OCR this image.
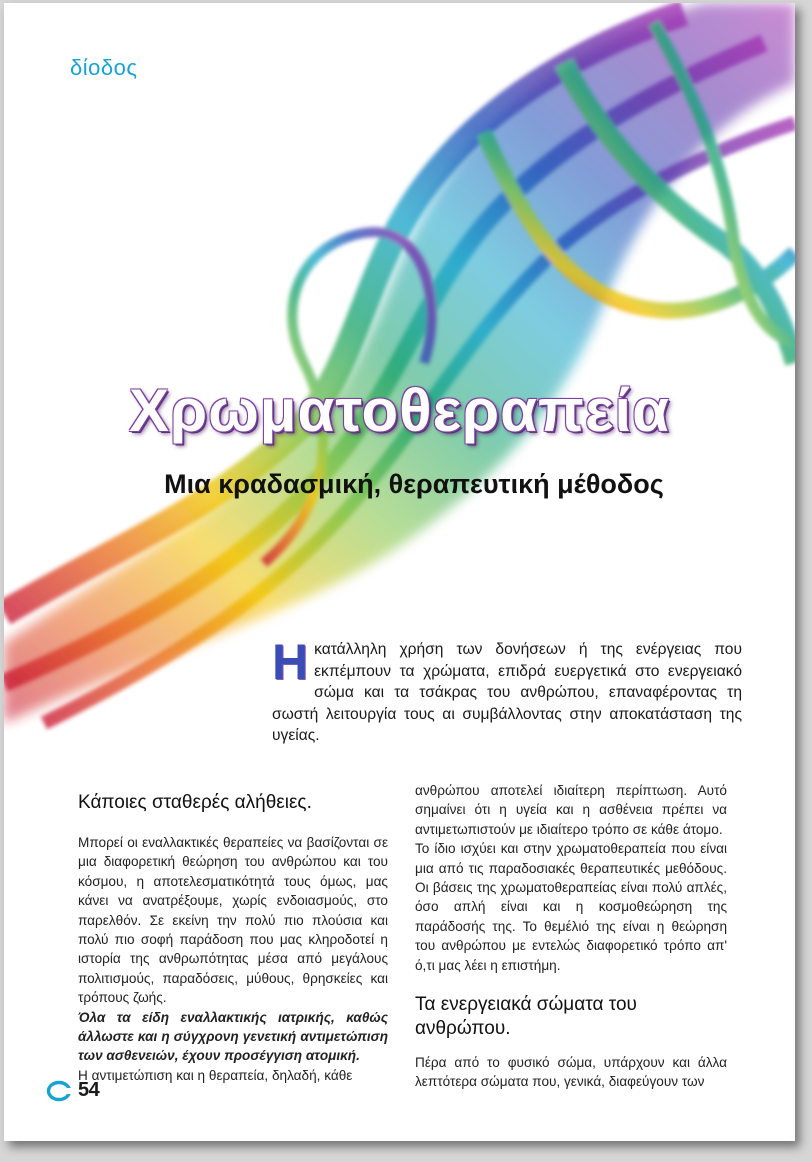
δίοδος
Χρωματοθεραπεία
Μια κραδασμική, θεραπευτική μέθοδος
Η κατάλληλη χρήση των δονήσεων ή της ενέργειας που εκπέμπουν τα χρώματα, επιδρά ευεργετικά στο ενεργειακό σώμα και τα τσάκρας του ανθρώπου, επαναφέροντας τη σωστή λειτουργία τους αι συμβάλλοντας στην αποκατάσταση της υγείας.
Κάποιες σταθερές αλήθειες.

Μπορεί οι εναλλακτικές θεραπείες να βασίζονται σε μια διαφορετική θεώρηση του ανθρώπου και του κόσμου, η αποτελεσματικότητά τους όμως, μας κάνει να ανατρέξουμε, χωρίς ενδοιασμούς, στο παρελθόν. Σε εκείνη την πολύ πιο πλούσια και πολύ πιο σοφή παράδοση που μας κληροδοτεί η ιστορία της ανθρωπότητας μέσα από μεγάλους πολιτισμούς, παραδόσεις, μύθους, θρησκείες και τρόπους ζωής.

Όλα τα είδη εναλλακτικής ιατρικής, καθώς άλλωστε και η σύγχρονη γενετική αντιμετώπιση των ασθενειών, έχουν προσέγγιση ατομική.

Η αντιμετώπιση και η θεραπεία, δηλαδή, κάθε

ανθρώπου αποτελεί ιδιαίτερη περίπτωση. Αυτό σημαίνει ότι η υγεία και η ασθένεια πρέπει να αντιμετωπιστούν με ιδιαίτερο τρόπο σε κάθε άτομο.

Το ίδιο ισχύει και στην χρωματοθεραπεία που είναι μια από τις παραδοσιακές θεραπευτικές μεθόδους. Οι βάσεις της χρωματοθεραπείας είναι πολύ απλές, όσο απλή είναι και η κοσμοθεώρηση της παράδοσής της. Το θεμέλιό της είναι η θεώρηση του ανθρώπου με εντελώς διαφορετικό τρόπο απ' ό,τι μας λέει η επιστήμη.

Τα ενεργειακά σώματα του ανθρώπου.

Πέρα από το φυσικό σώμα, υπάρχουν και άλλα λεπτότερα σώματα που, γενικά, διαφεύγουν των

54
